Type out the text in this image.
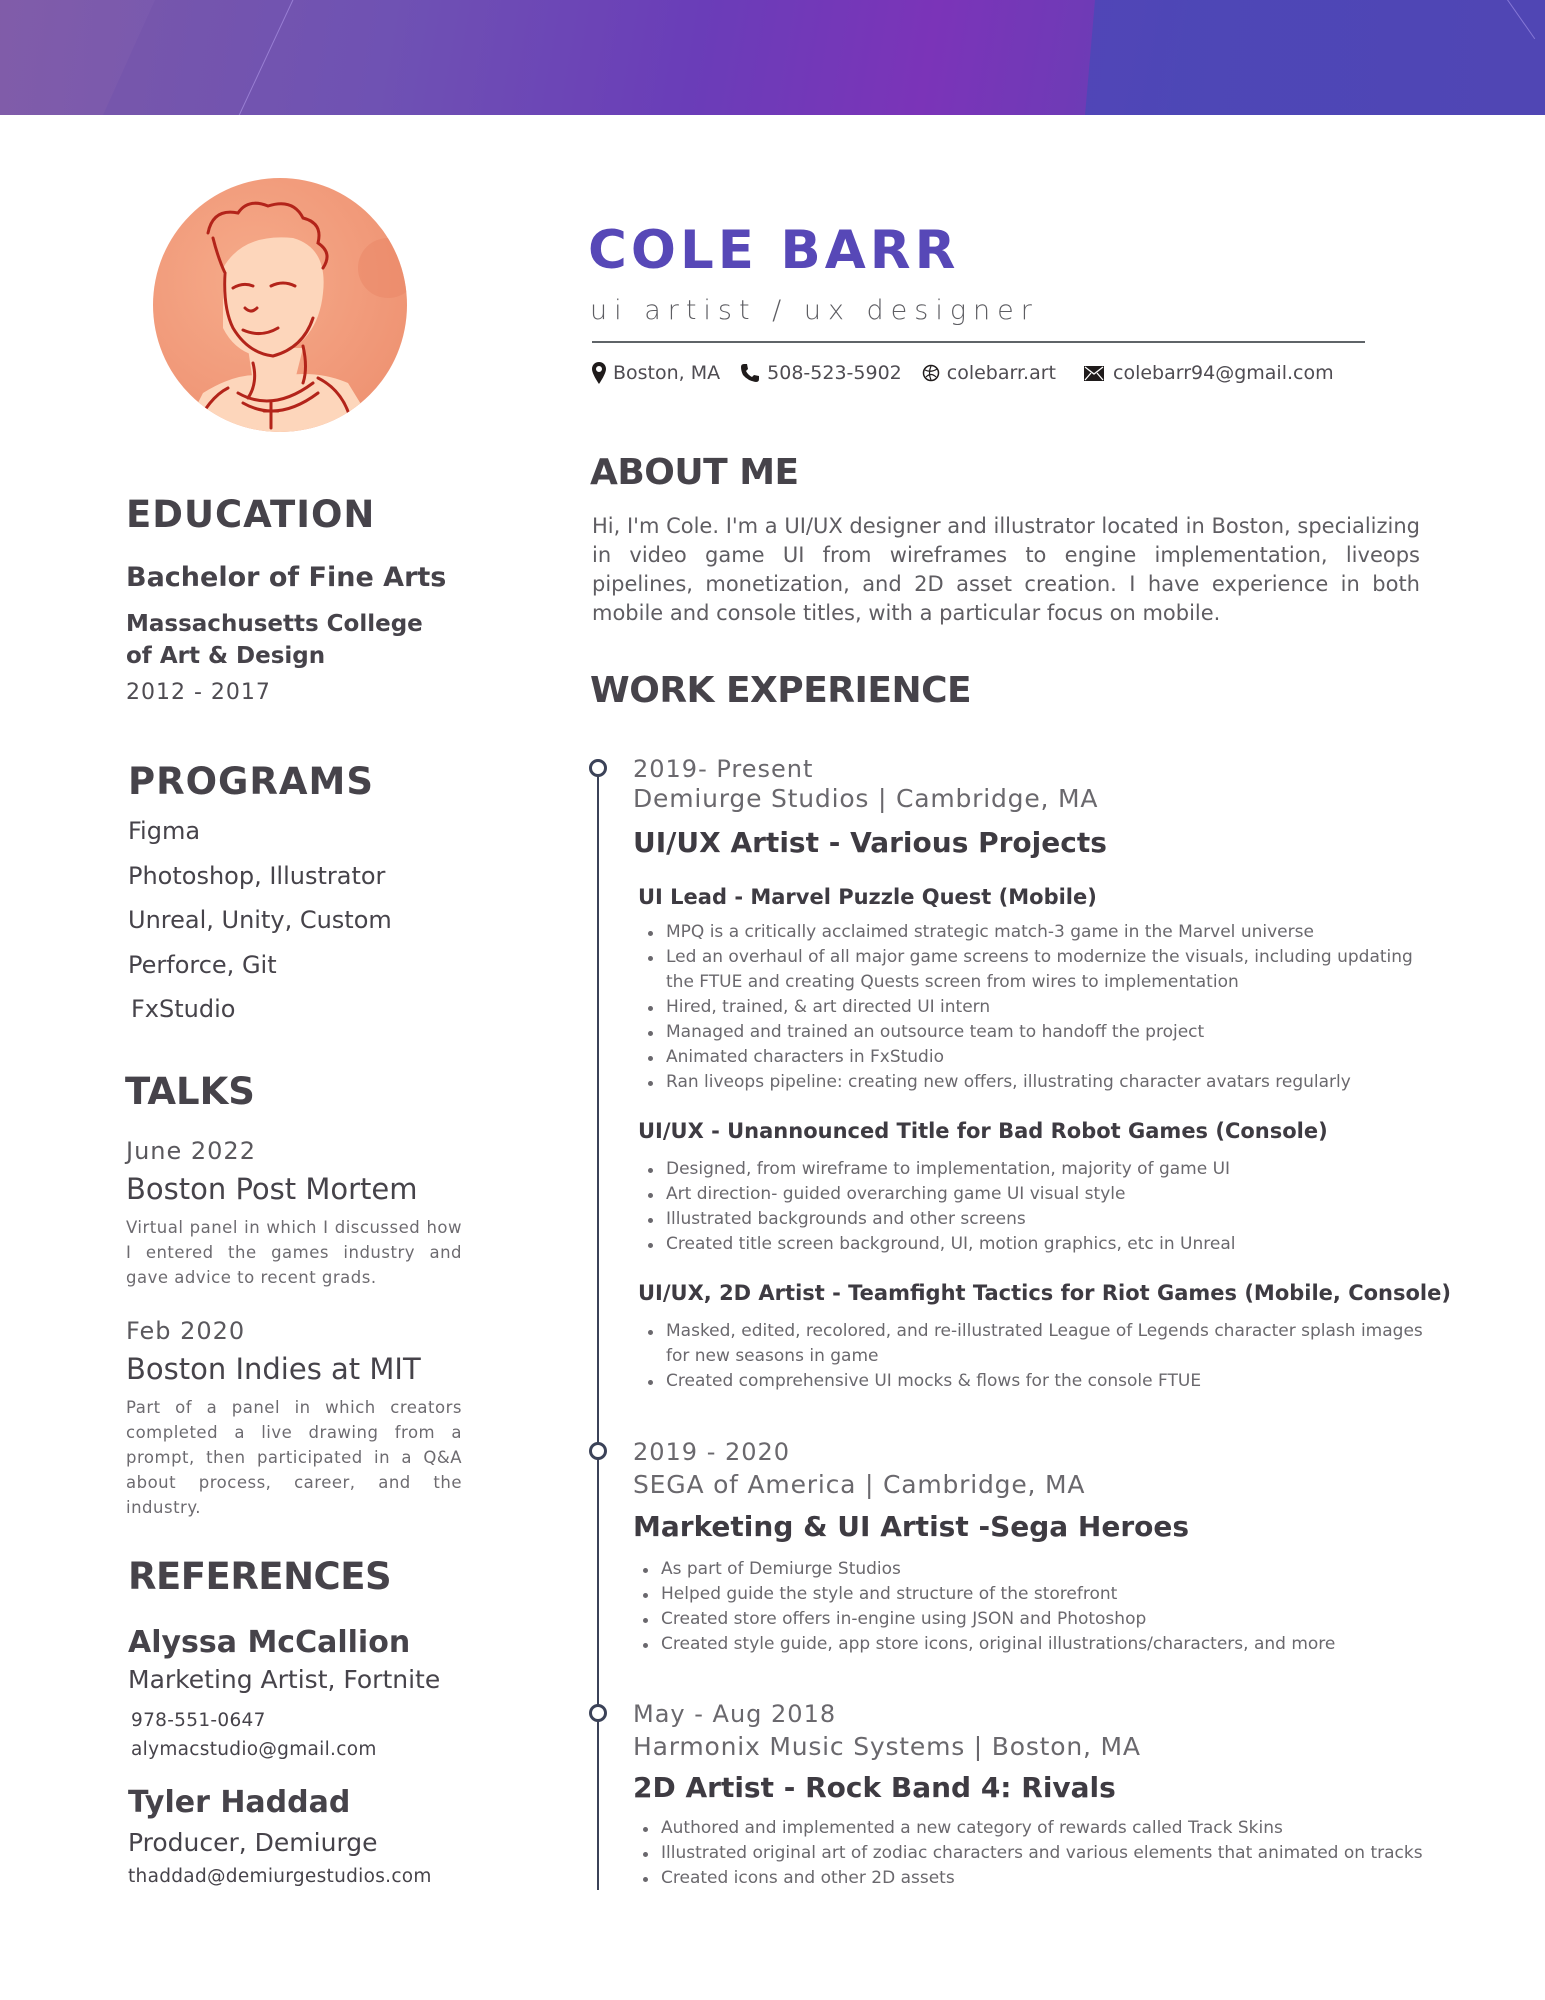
COLE BARR
ui artist / ux designer
Boston, MA 508-523-5902 colebarr.art	colebarr94@gmail.com
ABOUT ME

Hi, I'm Cole. I'm a UI/UX designer and illustrator located in Boston, specializing in video game UI from wireframes to engine implementation, liveops pipelines, monetization, and 2D asset creation. I have experience in both mobile and console titles, with a particular focus on mobile.

EDUCATION
Bachelor of Fine Arts
Massachusetts College of Art & Design
2012 - 2017
PROGRAMS
Figma
Photoshop, Illustrator
Unreal, Unity, Custom
Perforce, Git
FxStudio
TALKS
June 2022
Boston Post Mortem
Virtual panel in which I discussed how I entered the games industry and gave advice to recent grads.
Feb 2020
Boston Indies at MIT
Part of a panel in which creators completed a live drawing from a prompt, then participated in a Q&A about process, career, and the industry.
REFERENCES
Alyssa McCallion
Marketing Artist, Fortnite
978-551-0647
alymacstudio@gmail.com
Tyler Haddad
Producer, Demiurge
thaddad@demiurgestudios.com
WORK EXPERIENCE
2019- Present
Demiurge Studios | Cambridge, MA
UI/UX Artist - Various Projects
UI Lead - Marvel Puzzle Quest (Mobile)
MPQ is a critically acclaimed strategic match-3 game in the Marvel universe
Led an overhaul of all major game screens to modernize the visuals, including updating the FTUE and creating Quests screen from wires to implementation
Hired, trained, & art directed UI intern
Managed and trained an outsource team to handoff the project
Animated characters in FxStudio
Ran liveops pipeline: creating new offers, illustrating character avatars regularly
UI/UX - Unannounced Title for Bad Robot Games (Console)
Designed, from wireframe to implementation, majority of game UI
Art direction- guided overarching game UI visual style
Illustrated backgrounds and other screens
Created title screen background, UI, motion graphics, etc in Unreal
UI/UX, 2D Artist - Teamfight Tactics for Riot Games (Mobile, Console)
Masked, edited, recolored, and re-illustrated League of Legends character splash images for new seasons in game
Created comprehensive UI mocks & flows for the console FTUE
2019 - 2020
SEGA of America | Cambridge, MA
Marketing & UI Artist -Sega Heroes
As part of Demiurge Studios
Helped guide the style and structure of the storefront
Created store offers in-engine using JSON and Photoshop
Created style guide, app store icons, original illustrations/characters, and more
May - Aug 2018
Harmonix Music Systems | Boston, MA
2D Artist - Rock Band 4: Rivals
Authored and implemented a new category of rewards called Track Skins
Illustrated original art of zodiac characters and various elements that animated on tracks
Created icons and other 2D assets
